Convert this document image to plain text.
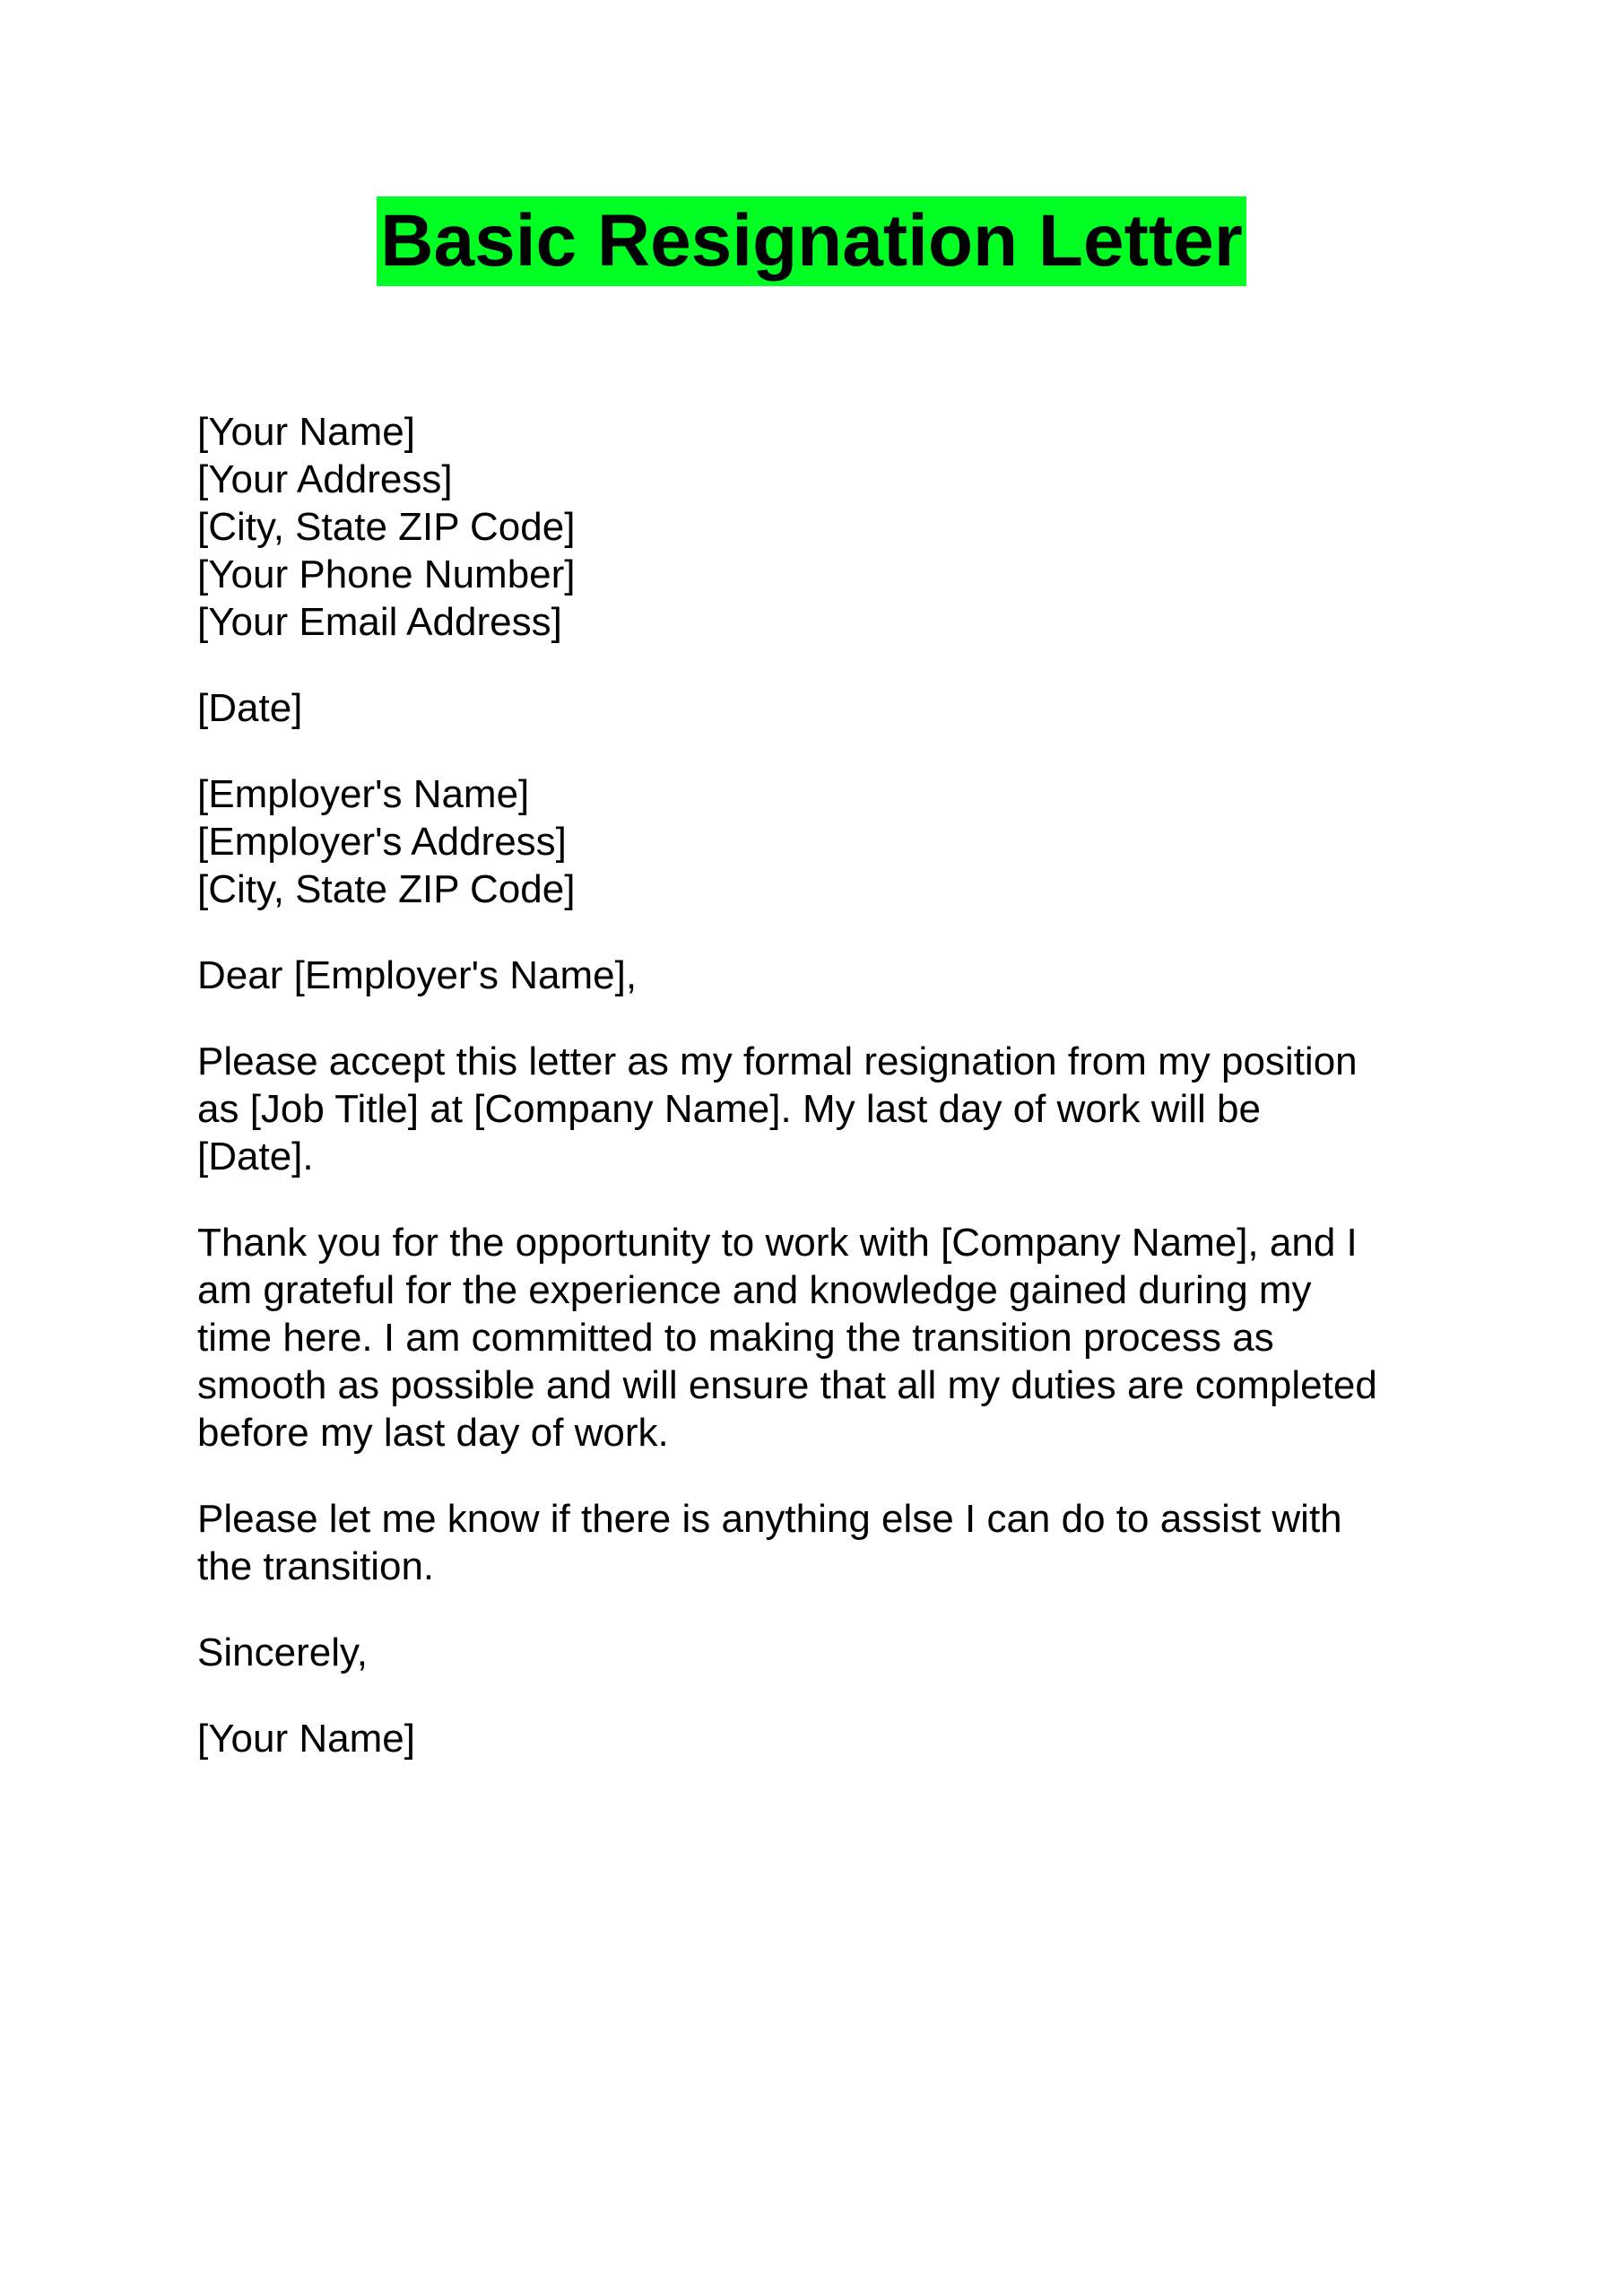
Basic Resignation Letter
[Your Name]
[Your Address]
[City, State ZIP Code]
[Your Phone Number]
[Your Email Address]
[Date]
[Employer's Name]
[Employer's Address]
[City, State ZIP Code]
Dear [Employer's Name],
Please accept this letter as my formal resignation from my position
as [Job Title] at [Company Name]. My last day of work will be
[Date].
Thank you for the opportunity to work with [Company Name], and I
am grateful for the experience and knowledge gained during my
time here. I am committed to making the transition process as
smooth as possible and will ensure that all my duties are completed
before my last day of work.
Please let me know if there is anything else I can do to assist with
the transition.
Sincerely,
[Your Name]
